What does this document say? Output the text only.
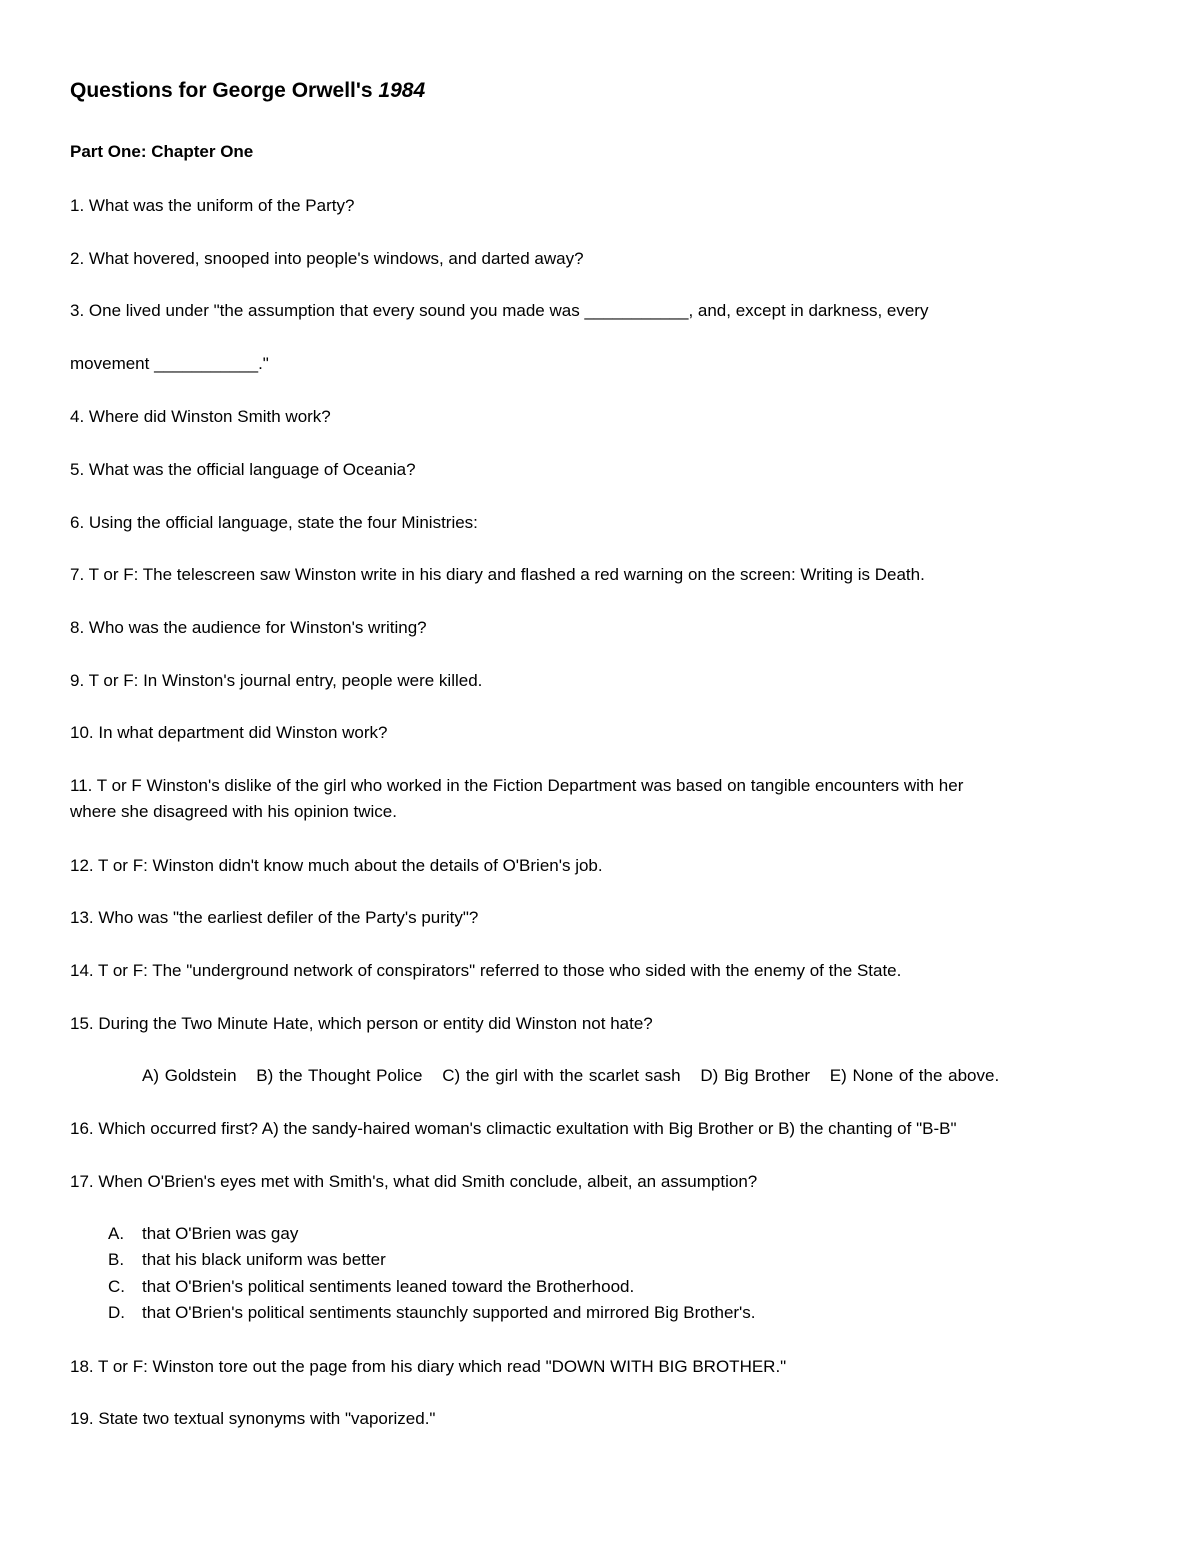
Questions for George Orwell's 1984
Part One: Chapter One
1. What was the uniform of the Party?
2. What hovered, snooped into people's windows, and darted away?
3. One lived under "the assumption that every sound you made was ___________, and, except in darkness, every
movement ___________."
4. Where did Winston Smith work?
5. What was the official language of Oceania?
6. Using the official language, state the four Ministries:
7. T or F: The telescreen saw Winston write in his diary and flashed a red warning on the screen: Writing is Death.
8. Who was the audience for Winston's writing?
9. T or F: In Winston's journal entry, people were killed.
10. In what department did Winston work?
11. T or F Winston's dislike of the girl who worked in the Fiction Department was based on tangible encounters with her
where she disagreed with his opinion twice.
12. T or F: Winston didn't know much about the details of O'Brien's job.
13. Who was "the earliest defiler of the Party's purity"?
14. T or F: The "underground network of conspirators" referred to those who sided with the enemy of the State.
15. During the Two Minute Hate, which person or entity did Winston not hate?
A) Goldstein B) the Thought Police C) the girl with the scarlet sash D) Big Brother E) None of the above.
16. Which occurred first? A) the sandy-haired woman's climactic exultation with Big Brother or B) the chanting of "B-B"
17. When O'Brien's eyes met with Smith's, what did Smith conclude, albeit, an assumption?
A. that O'Brien was gay
B. that his black uniform was better
C. that O'Brien's political sentiments leaned toward the Brotherhood.
D. that O'Brien's political sentiments staunchly supported and mirrored Big Brother's.
18. T or F: Winston tore out the page from his diary which read "DOWN WITH BIG BROTHER."
19. State two textual synonyms with "vaporized."
